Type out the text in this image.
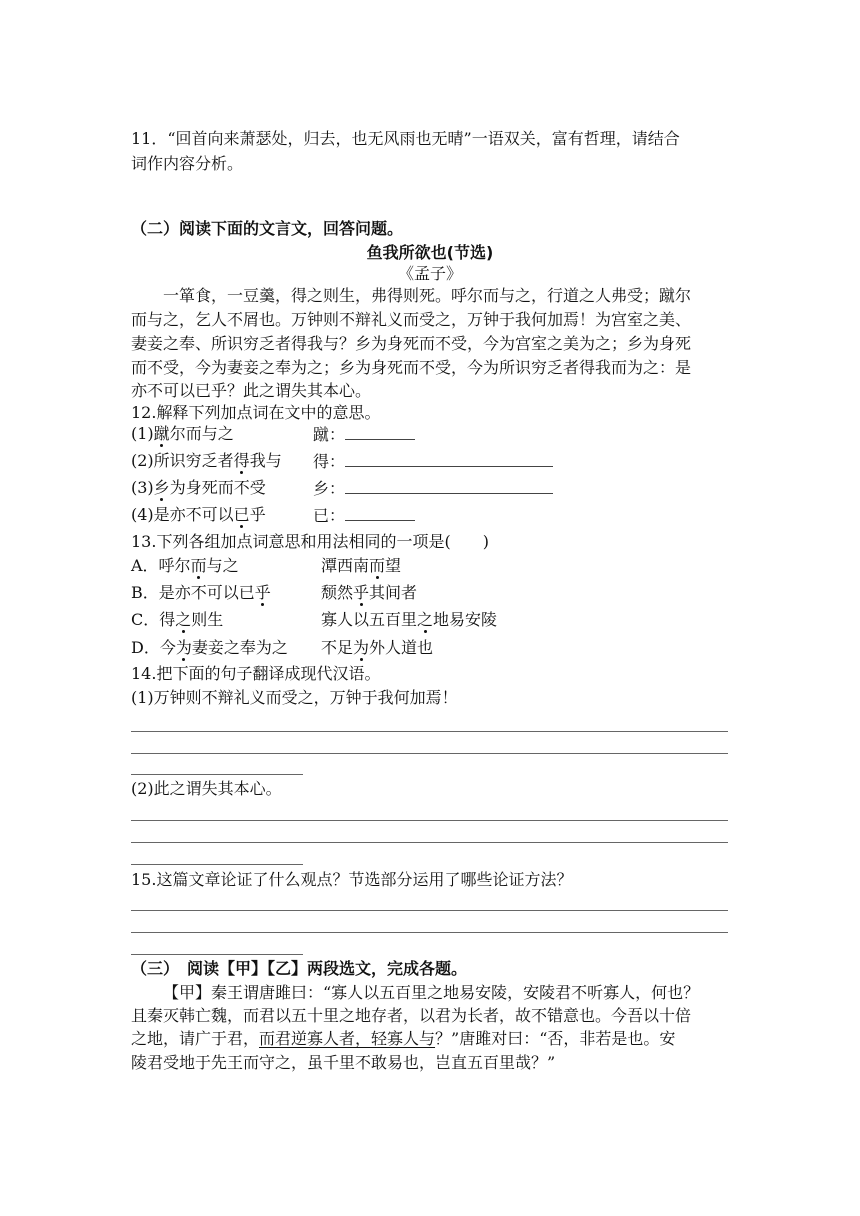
11．“回首向来萧瑟处，归去，也无风雨也无晴”一语双关，富有哲理，请结合
词作内容分析。
（二）阅读下面的文言文，回答问题。
鱼我所欲也(节选)
《孟子》
一箪食，一豆羹，得之则生，弗得则死。呼尔而与之，行道之人弗受；蹴尔
而与之，乞人不屑也。万钟则不辩礼义而受之，万钟于我何加焉！为宫室之美、
妻妾之奉、所识穷乏者得我与？乡为身死而不受，今为宫室之美为之；乡为身死
而不受，今为妻妾之奉为之；乡为身死而不受，今为所识穷乏者得我而为之：是
亦不可以已乎？此之谓失其本心。
12.解释下列加点词在文中的意思。
(1)蹴尔而与之	蹴：
(2)所识穷乏者得我与 得：
(3)乡为身死而不受	乡：
(4)是亦不可以已乎	已：
13.下列各组加点词意思和用法相同的一项是(　　)
A．呼尔而与之	潭西南而望
B．是亦不可以已乎	颓然乎其间者
C．得之则生	寡人以五百里之地易安陵
D．今为妻妾之奉为之 不足为外人道也
14.把下面的句子翻译成现代汉语。
(1)万钟则不辩礼义而受之，万钟于我何加焉！
(2)此之谓失其本心。
15.这篇文章论证了什么观点？节选部分运用了哪些论证方法？
（三）　阅读【甲】【乙】两段选文，完成各题。
【甲】秦王谓唐雎曰：“寡人以五百里之地易安陵，安陵君不听寡人，何也？
且秦灭韩亡魏，而君以五十里之地存者，以君为长者，故不错意也。今吾以十倍
之地，请广于君，而君逆寡人者，轻寡人与？”唐雎对曰：“否，非若是也。安
陵君受地于先王而守之，虽千里不敢易也，岂直五百里哉？”
